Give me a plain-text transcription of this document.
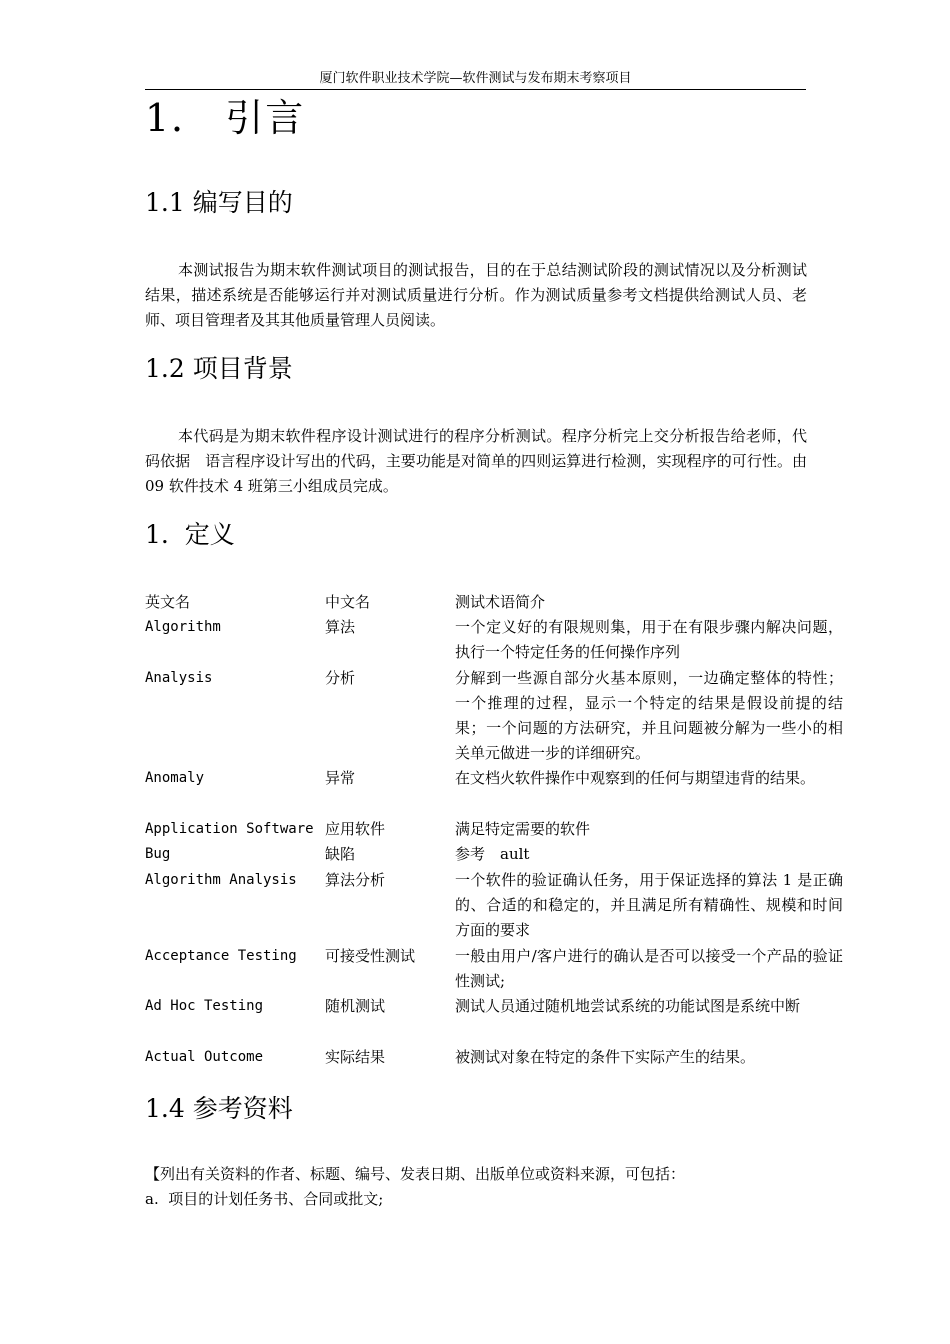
厦门软件职业技术学院—软件测试与发布期末考察项目
1． 引言
1.1 编写目的

本测试报告为期末软件测试项目的测试报告，目的在于总结测试阶段的测试情况以及分析测试结果，描述系统是否能够运行并对测试质量进行分析。作为测试质量参考文档提供给测试人员、老师、项目管理者及其其他质量管理人员阅读。

1.2 项目背景

本代码是为期末软件程序设计测试进行的程序分析测试。程序分析完上交分析报告给老师，代码依据　语言程序设计写出的代码，主要功能是对简单的四则运算进行检测，实现程序的可行性。由 09 软件技术 4 班第三小组成员完成。

1.  定义
英文名	中文名	测试术语简介
Algorithm	算法	一个定义好的有限规则集，用于在有限步骤内解决问题，执行一个特定任务的任何操作序列
Analysis	分析	分解到一些源自部分火基本原则，一边确定整体的特性；一个推理的过程，显示一个特定的结果是假设前提的结果；一个问题的方法研究，并且问题被分解为一些小的相关单元做进一步的详细研究。
Anomaly	异常	在文档火软件操作中观察到的任何与期望违背的结果。
Application Software 应用软件	满足特定需要的软件
Bug	缺陷	参考　ault
Algorithm Analysis	算法分析	一个软件的验证确认任务，用于保证选择的算法 1 是正确的、合适的和稳定的，并且满足所有精确性、规模和时间方面的要求
Acceptance Testing	可接受性测试	一般由用户/客户进行的确认是否可以接受一个产品的验证性测试;
Ad Hoc Testing	随机测试	测试人员通过随机地尝试系统的功能试图是系统中断
Actual Outcome	实际结果	被测试对象在特定的条件下实际产生的结果。
1.4 参考资料
【列出有关资料的作者、标题、编号、发表日期、出版单位或资料来源，可包括：
a.  项目的计划任务书、合同或批文;
